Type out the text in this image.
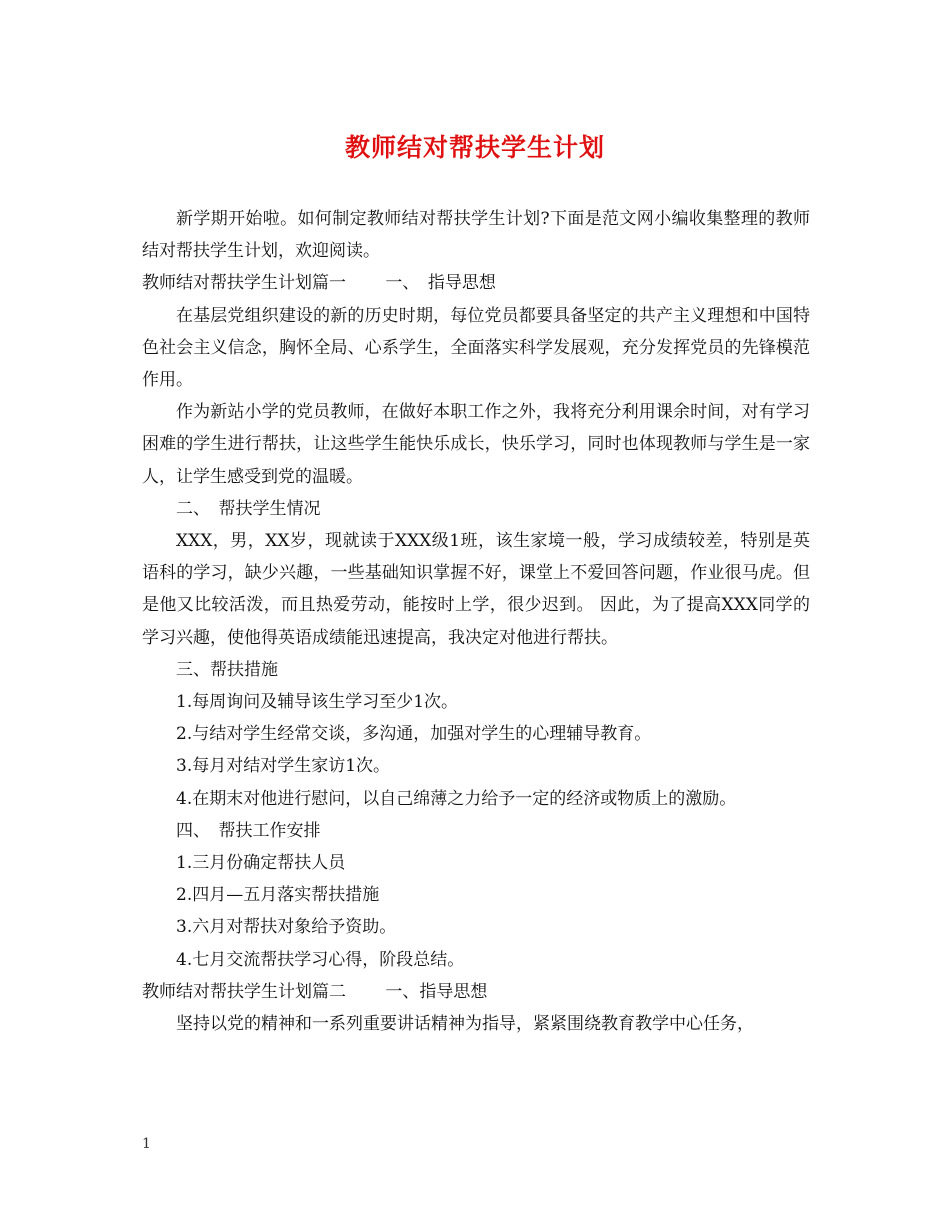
教师结对帮扶学生计划

新学期开始啦。如何制定教师结对帮扶学生计划?下面是范文网小编收集整理的教师结对帮扶学生计划，欢迎阅读。

教师结对帮扶学生计划篇一　　 一、　指导思想

在基层党组织建设的新的历史时期，每位党员都要具备坚定的共产主义理想和中国特色社会主义信念，胸怀全局、心系学生，全面落实科学发展观，充分发挥党员的先锋模范作用。

作为新站小学的党员教师，在做好本职工作之外，我将充分利用课余时间，对有学习困难的学生进行帮扶，让这些学生能快乐成长，快乐学习，同时也体现教师与学生是一家人，让学生感受到党的温暖。

二、　帮扶学生情况

XXX，男，XX岁，现就读于XXX级1班，该生家境一般，学习成绩较差，特别是英语科的学习，缺少兴趣，一些基础知识掌握不好，课堂上不爱回答问题，作业很马虎。但是他又比较活泼，而且热爱劳动，能按时上学，很少迟到。 因此，为了提高XXX同学的学习兴趣，使他得英语成绩能迅速提高，我决定对他进行帮扶。

三、帮扶措施

1.每周询问及辅导该生学习至少1次。

2.与结对学生经常交谈，多沟通，加强对学生的心理辅导教育。

3.每月对结对学生家访1次。

4.在期末对他进行慰问，以自己绵薄之力给予一定的经济或物质上的激励。

四、　帮扶工作安排

1.三月份确定帮扶人员

2.四月—五月落实帮扶措施

3.六月对帮扶对象给予资助。

4.七月交流帮扶学习心得，阶段总结。

教师结对帮扶学生计划篇二　　 一、指导思想

坚持以党的精神和一系列重要讲话精神为指导，紧紧围绕教育教学中心任务，

1
